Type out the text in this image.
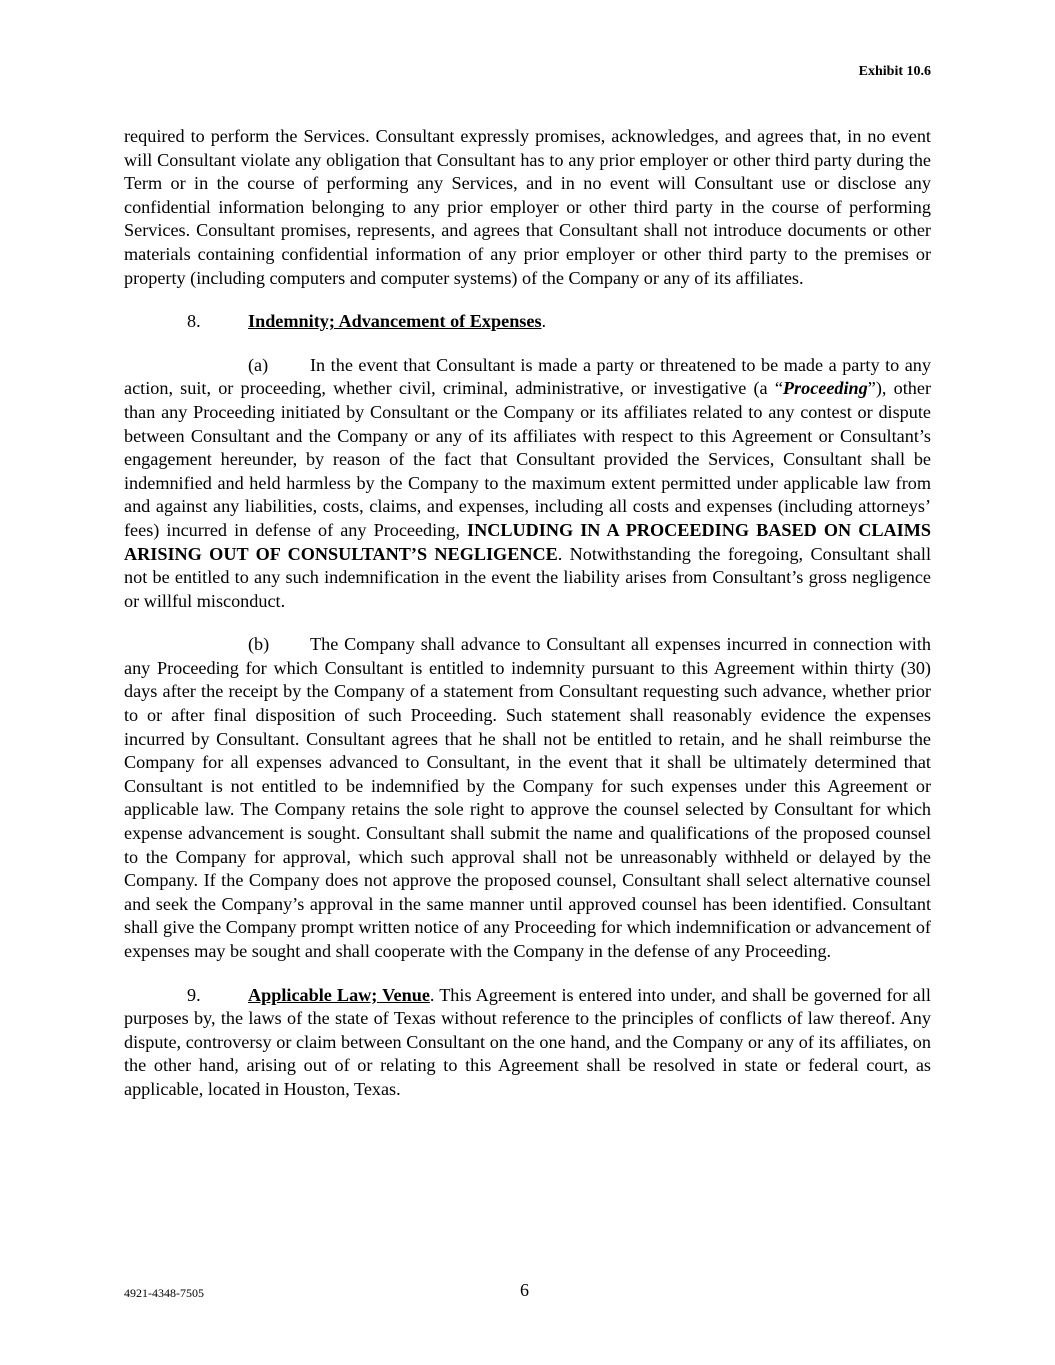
Exhibit 10.6

required to perform the Services. Consultant expressly promises, acknowledges, and agrees that, in no event will Consultant violate any obligation that Consultant has to any prior employer or other third party during the Term or in the course of performing any Services, and in no event will Consultant use or disclose any confidential information belonging to any prior employer or other third party in the course of performing Services. Consultant promises, represents, and agrees that Consultant shall not introduce documents or other materials containing confidential information of any prior employer or other third party to the premises or property (including computers and computer systems) of the Company or any of its affiliates.

8.	Indemnity; Advancement of Expenses.

(a) In the event that Consultant is made a party or threatened to be made a party to any action, suit, or proceeding, whether civil, criminal, administrative, or investigative (a “Proceeding”), other than any Proceeding initiated by Consultant or the Company or its affiliates related to any contest or dispute between Consultant and the Company or any of its affiliates with respect to this Agreement or Consultant’s engagement hereunder, by reason of the fact that Consultant provided the Services, Consultant shall be indemnified and held harmless by the Company to the maximum extent permitted under applicable law from and against any liabilities, costs, claims, and expenses, including all costs and expenses (including attorneys’ fees) incurred in defense of any Proceeding, INCLUDING IN A PROCEEDING BASED ON CLAIMS ARISING OUT OF CONSULTANT’S NEGLIGENCE. Notwithstanding the foregoing, Consultant shall not be entitled to any such indemnification in the event the liability arises from Consultant’s gross negligence or willful misconduct.

(b) The Company shall advance to Consultant all expenses incurred in connection with any Proceeding for which Consultant is entitled to indemnity pursuant to this Agreement within thirty (30) days after the receipt by the Company of a statement from Consultant requesting such advance, whether prior to or after final disposition of such Proceeding. Such statement shall reasonably evidence the expenses incurred by Consultant. Consultant agrees that he shall not be entitled to retain, and he shall reimburse the Company for all expenses advanced to Consultant, in the event that it shall be ultimately determined that Consultant is not entitled to be indemnified by the Company for such expenses under this Agreement or applicable law. The Company retains the sole right to approve the counsel selected by Consultant for which expense advancement is sought. Consultant shall submit the name and qualifications of the proposed counsel to the Company for approval, which such approval shall not be unreasonably withheld or delayed by the Company. If the Company does not approve the proposed counsel, Consultant shall select alternative counsel and seek the Company’s approval in the same manner until approved counsel has been identified. Consultant shall give the Company prompt written notice of any Proceeding for which indemnification or advancement of expenses may be sought and shall cooperate with the Company in the defense of any Proceeding.

9.	Applicable Law; Venue. This Agreement is entered into under, and shall be governed for all purposes by, the laws of the state of Texas without reference to the principles of conflicts of law thereof. Any dispute, controversy or claim between Consultant on the one hand, and the Company or any of its affiliates, on the other hand, arising out of or relating to this Agreement shall be resolved in state or federal court, as applicable, located in Houston, Texas.

4921-4348-7505	6
